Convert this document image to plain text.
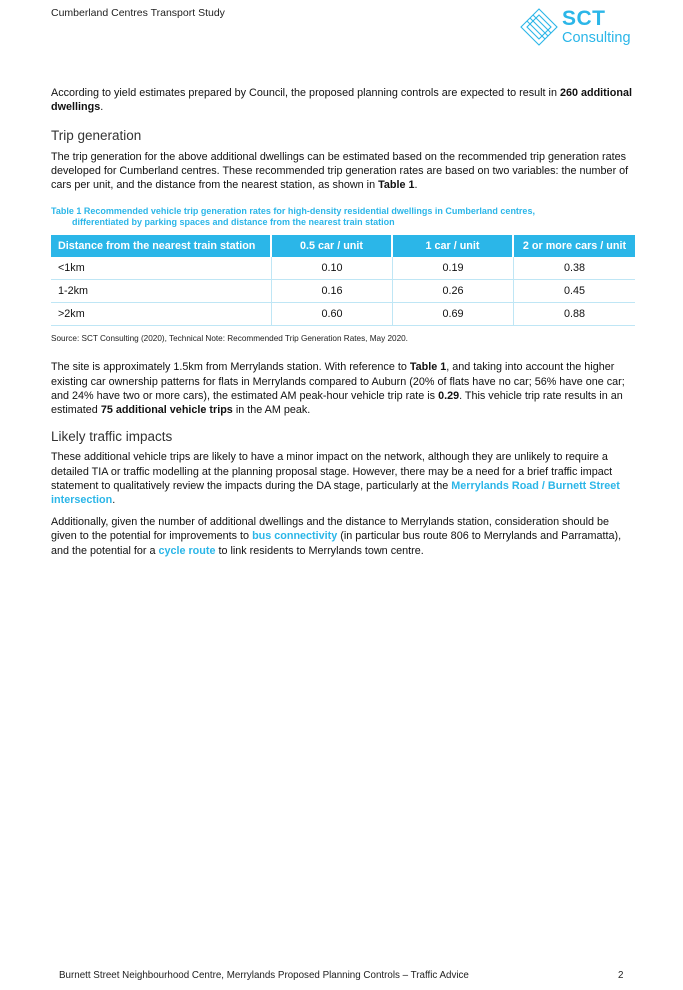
Cumberland Centres Transport Study	SCT
Consulting

According to yield estimates prepared by Council, the proposed planning controls are expected to result in 260 additional dwellings.

Trip generation

The trip generation for the above additional dwellings can be estimated based on the recommended trip generation rates developed for Cumberland centres. These recommended trip generation rates are based on two variables: the number of cars per unit, and the distance from the nearest station, as shown in Table 1.

Table 1 Recommended vehicle trip generation rates for high-density residential dwellings in Cumberland centres,
differentiated by parking spaces and distance from the nearest train station
Distance from the nearest train station	0.5 car / unit	1 car / unit	2 or more cars / unit
<1km	0.10	0.19	0.38
1-2km	0.16	0.26	0.45
>2km	0.60	0.69	0.88

Source: SCT Consulting (2020), Technical Note: Recommended Trip Generation Rates, May 2020.

The site is approximately 1.5km from Merrylands station. With reference to Table 1, and taking into account the higher existing car ownership patterns for flats in Merrylands compared to Auburn (20% of flats have no car; 56% have one car; and 24% have two or more cars), the estimated AM peak-hour vehicle trip rate is 0.29. This vehicle trip rate results in an estimated 75 additional vehicle trips in the AM peak.

Likely traffic impacts

These additional vehicle trips are likely to have a minor impact on the network, although they are unlikely to require a detailed TIA or traffic modelling at the planning proposal stage. However, there may be a need for a brief traffic impact statement to qualitatively review the impacts during the DA stage, particularly at the Merrylands Road / Burnett Street intersection.

Additionally, given the number of additional dwellings and the distance to Merrylands station, consideration should be given to the potential for improvements to bus connectivity (in particular bus route 806 to Merrylands and Parramatta), and the potential for a cycle route to link residents to Merrylands town centre.

Burnett Street Neighbourhood Centre, Merrylands Proposed Planning Controls – Traffic Advice	2
